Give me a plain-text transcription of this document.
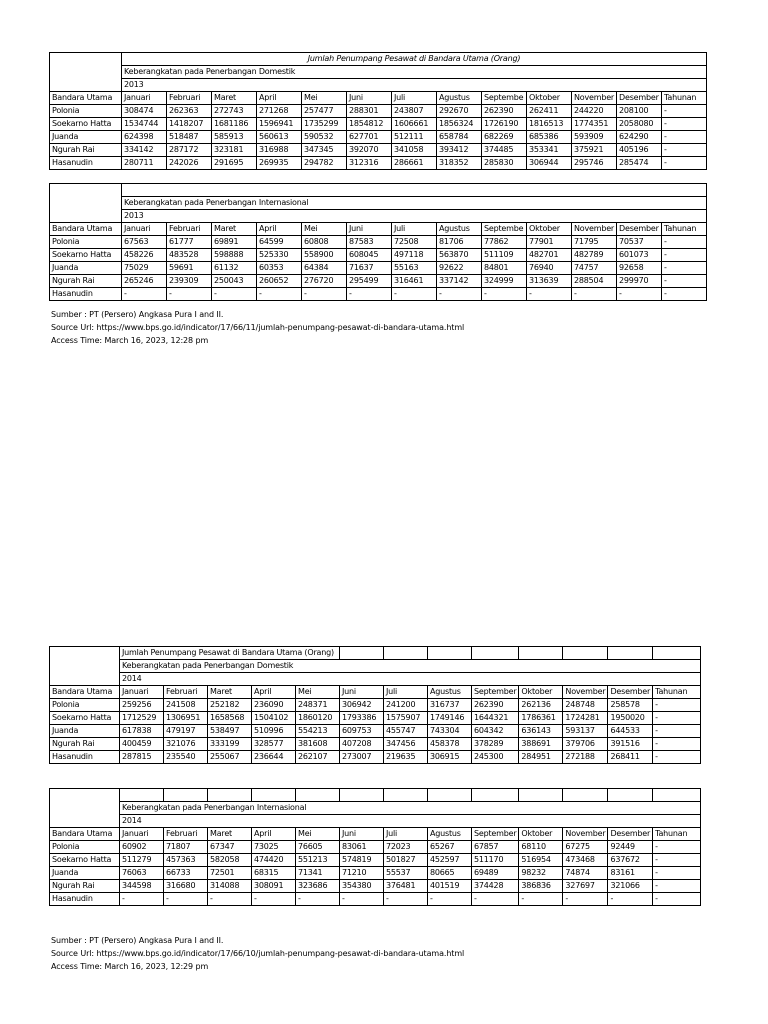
	Jumlah Penumpang Pesawat di Bandara Utama (Orang)												
	Keberangkatan pada Penerbangan Domestik												
	2013												
Bandara Utama	Januari	Februari	Maret	April	Mei	Juni	Juli	Agustus	Septembe	Oktober	November	Desember	Tahunan
Polonia	308474	262363	272743	271268	257477	288301	243807	292670	262390	262411	244220	208100	-
Soekarno Hatta	1534744	1418207	1681186	1596941	1735299	1854812	1606661	1856324	1726190	1816513	1774351	2058080	-
Juanda	624398	518487	585913	560613	590532	627701	512111	658784	682269	685386	593909	624290	-
Ngurah Rai	334142	287172	323181	316988	347345	392070	341058	393412	374485	353341	375921	405196	-
Hasanudin	280711	242026	291695	269935	294782	312316	286661	318352	285830	306944	295746	285474	-

	Keberangkatan pada Penerbangan Internasional												
	2013												
Bandara Utama	Januari	Februari	Maret	April	Mei	Juni	Juli	Agustus	Septembe	Oktober	November	Desember	Tahunan
Polonia	67563	61777	69891	64599	60808	87583	72508	81706	77862	77901	71795	70537	-
Soekarno Hatta	458226	483528	598888	525330	558900	608045	497118	563870	511109	482701	482789	601073	-
Juanda	75029	59691	61132	60353	64384	71637	55163	92622	84801	76940	74757	92658	-
Ngurah Rai	265246	239309	250043	260652	276720	295499	316461	337142	324999	313639	288504	299970	-
Hasanudin	-	-	-	-	-	-	-	-	-	-	-	-	-
Sumber : PT (Persero) Angkasa Pura I and II.
Source Url: https://www.bps.go.id/indicator/17/66/11/jumlah-penumpang-pesawat-di-bandara-utama.html
Access Time: March 16, 2023, 12:28 pm
	Jumlah Penumpang Pesawat di Bandara Utama (Orang)												
	Keberangkatan pada Penerbangan Domestik												
	2014												
Bandara Utama	Januari	Februari	Maret	April	Mei	Juni	Juli	Agustus	September	Oktober	November	Desember	Tahunan
Polonia	259256	241508	252182	236090	248371	306942	241200	316737	262390	262136	248748	258578	-
Soekarno Hatta	1712529	1306951	1658568	1504102	1860120	1793386	1575907	1749146	1644321	1786361	1724281	1950020	-
Juanda	617838	479197	538497	510996	554213	609753	455747	743304	604342	636143	593137	644533	-
Ngurah Rai	400459	321076	333199	328577	381608	407208	347456	458378	378289	388691	379706	391516	-
Hasanudin	287815	235540	255067	236644	262107	273007	219635	306915	245300	284951	272188	268411	-

	Keberangkatan pada Penerbangan Internasional												
	2014												
Bandara Utama	Januari	Februari	Maret	April	Mei	Juni	Juli	Agustus	September	Oktober	November	Desember	Tahunan
Polonia	60902	71807	67347	73025	76605	83061	72023	65267	67857	68110	67275	92449	-
Soekarno Hatta	511279	457363	582058	474420	551213	574819	501827	452597	511170	516954	473468	637672	-
Juanda	76063	66733	72501	68315	71341	71210	55537	80665	69489	98232	74874	83161	-
Ngurah Rai	344598	316680	314088	308091	323686	354380	376481	401519	374428	386836	327697	321066	-
Hasanudin	-	-	-	-	-	-	-	-	-	-	-	-	-
Sumber : PT (Persero) Angkasa Pura I and II.
Source Url: https://www.bps.go.id/indicator/17/66/10/jumlah-penumpang-pesawat-di-bandara-utama.html
Access Time: March 16, 2023, 12:29 pm
